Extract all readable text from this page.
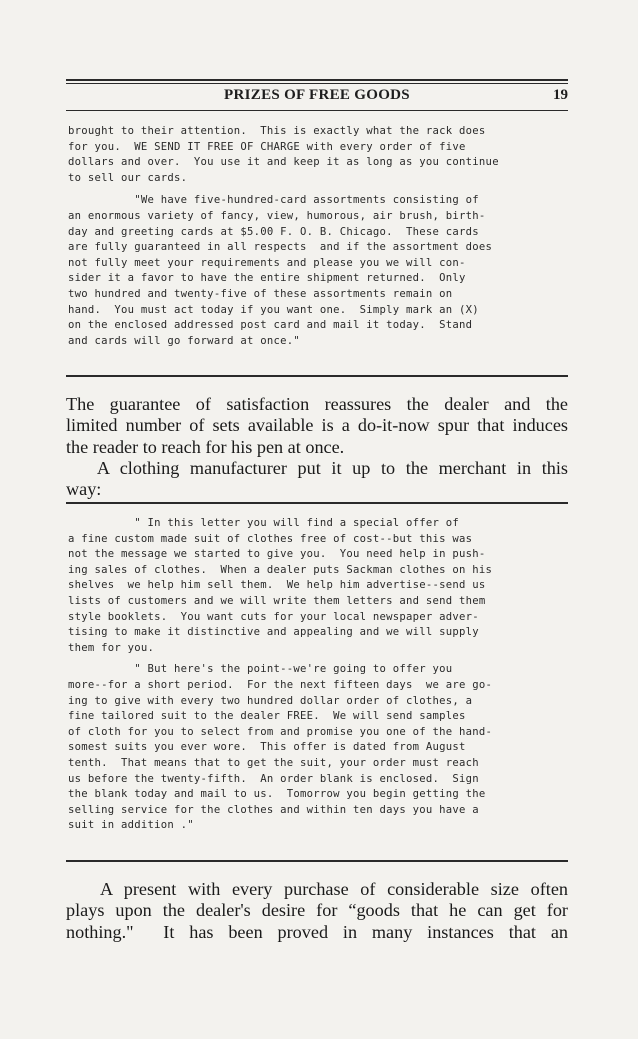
PRIZES OF FREE GOODS	19
brought to their attention.  This is exactly what the rack does
for you.  WE SEND IT FREE OF CHARGE with every order of five
dollars and over.  You use it and keep it as long as you continue
to sell our cards.
"We have five-hundred-card assortments consisting of
an enormous variety of fancy, view, humorous, air brush, birth-
day and greeting cards at $5.00 F. O. B. Chicago.  These cards
are fully guaranteed in all respects  and if the assortment does
not fully meet your requirements and please you we will con-
sider it a favor to have the entire shipment returned.  Only
two hundred and twenty-five of these assortments remain on
hand.  You must act today if you want one.  Simply mark an (X)
on the enclosed addressed post card and mail it today.  Stand
and cards will go forward at once."
The guarantee of satisfaction reassures the dealer and the
limited number of sets available is a do-it-now spur that induces
the reader to reach for his pen at once.
A clothing manufacturer put it up to the merchant in this
way:
" In this letter you will find a special offer of
a fine custom made suit of clothes free of cost--but this was
not the message we started to give you.  You need help in push-
ing sales of clothes.  When a dealer puts Sackman clothes on his
shelves  we help him sell them.  We help him advertise--send us
lists of customers and we will write them letters and send them
style booklets.  You want cuts for your local newspaper adver-
tising to make it distinctive and appealing and we will supply
them for you.
" But here's the point--we're going to offer you
more--for a short period.  For the next fifteen days  we are go-
ing to give with every two hundred dollar order of clothes, a
fine tailored suit to the dealer FREE.  We will send samples
of cloth for you to select from and promise you one of the hand-
somest suits you ever wore.  This offer is dated from August
tenth.  That means that to get the suit, your order must reach
us before the twenty-fifth.  An order blank is enclosed.  Sign
the blank today and mail to us.  Tomorrow you begin getting the
selling service for the clothes and within ten days you have a
suit in addition ."
A present with every purchase of considerable size often
plays upon the dealer's desire for “goods that he can get for
nothing."  It has been proved in many instances that an
